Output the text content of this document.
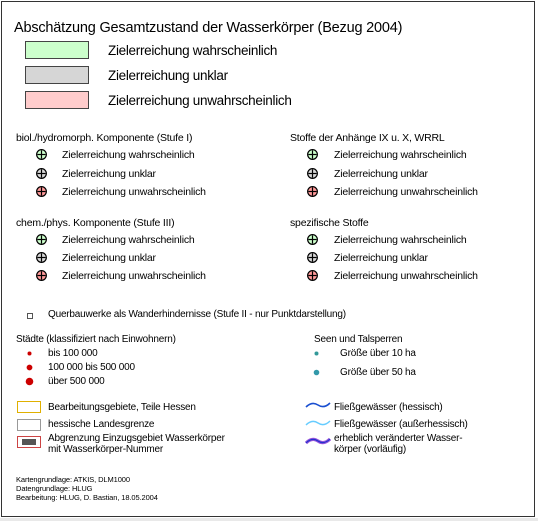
Abschätzung Gesamtzustand der Wasserkörper (Bezug 2004)
Zielerreichung wahrscheinlich
Zielerreichung unklar
Zielerreichung unwahrscheinlich
biol./hydromorph. Komponente (Stufe I)
Zielerreichung wahrscheinlich
Zielerreichung unklar
Zielerreichung unwahrscheinlich
Stoffe der Anhänge IX u. X, WRRL
Zielerreichung wahrscheinlich
Zielerreichung unklar
Zielerreichung unwahrscheinlich
chem./phys. Komponente (Stufe III)
Zielerreichung wahrscheinlich
Zielerreichung unklar
Zielerreichung unwahrscheinlich
spezifische Stoffe
Zielerreichung wahrscheinlich
Zielerreichung unklar
Zielerreichung unwahrscheinlich
Querbauwerke als Wanderhindernisse (Stufe II - nur Punktdarstellung)
Städte (klassifiziert nach Einwohnern)
bis 100 000
100 000 bis 500 000
über 500 000
Seen und Talsperren
Größe über 10 ha
Größe über 50 ha
Bearbeitungsgebiete, Teile Hessen
hessische Landesgrenze
Abgrenzung Einzugsgebiet Wasserkörper
mit Wasserkörper-Nummer
Fließgewässer (hessisch)
Fließgewässer (außerhessisch)
erheblich veränderter Wasser-
körper (vorläufig)
Kartengrundlage: ATKIS, DLM1000
Datengrundlage: HLUG
Bearbeitung: HLUG, D. Bastian, 18.05.2004
